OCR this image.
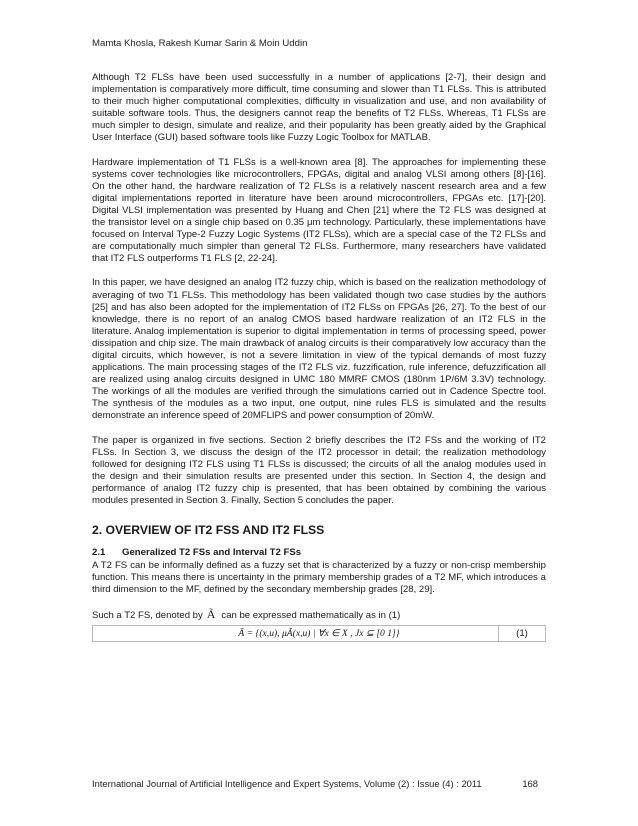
Mamta Khosla, Rakesh Kumar Sarin & Moin Uddin

Although T2 FLSs have been used successfully in a number of applications [2-7], their design and implementation is comparatively more difficult, time consuming and slower than T1 FLSs. This is attributed to their much higher computational complexities, difficulty in visualization and use, and non availability of suitable software tools. Thus, the designers cannot reap the benefits of T2 FLSs. Whereas, T1 FLSs are much simpler to design, simulate and realize, and their popularity has been greatly aided by the Graphical User Interface (GUI) based software tools like Fuzzy Logic Toolbox for MATLAB.

Hardware implementation of T1 FLSs is a well-known area [8]. The approaches for implementing these systems cover technologies like microcontrollers, FPGAs, digital and analog VLSI among others [8]-[16]. On the other hand, the hardware realization of T2 FLSs is a relatively nascent research area and a few digital implementations reported in literature have been around microcontrollers, FPGAs etc. [17]-[20]. Digital VLSI implementation was presented by Huang and Chen [21] where the T2 FLS was designed at the transistor level on a single chip based on 0.35 μm technology. Particularly, these implementations have focused on Interval Type-2 Fuzzy Logic Systems (IT2 FLSs), which are a special case of the T2 FLSs and are computationally much simpler than general T2 FLSs. Furthermore, many researchers have validated that IT2 FLS outperforms T1 FLS [2, 22-24].

In this paper, we have designed an analog IT2 fuzzy chip, which is based on the realization methodology of averaging of two T1 FLSs. This methodology has been validated though two case studies by the authors [25] and has also been adopted for the implementation of IT2 FLSs on FPGAs [26, 27]. To the best of our knowledge, there is no report of an analog CMOS based hardware realization of an IT2 FLS in the literature. Analog implementation is superior to digital implementation in terms of processing speed, power dissipation and chip size. The main drawback of analog circuits is their comparatively low accuracy than the digital circuits, which however, is not a severe limitation in view of the typical demands of most fuzzy applications. The main processing stages of the IT2 FLS viz. fuzzification, rule inference, defuzzification all are realized using analog circuits designed in UMC 180 MMRF CMOS (180nm 1P/6M 3.3V) technology. The workings of all the modules are verified through the simulations carried out in Cadence Spectre tool. The synthesis of the modules as a two input, one output, nine rules FLS is simulated and the results demonstrate an inference speed of 20MFLIPS and power consumption of 20mW.

The paper is organized in five sections. Section 2 briefly describes the IT2 FSs and the working of IT2 FLSs. In Section 3, we discuss the design of the IT2 processor in detail; the realization methodology followed for designing IT2 FLS using T1 FLSs is discussed; the circuits of all the analog modules used in the design and their simulation results are presented under this section. In Section 4, the design and performance of analog IT2 fuzzy chip is presented, that has been obtained by combining the various modules presented in Section 3. Finally, Section 5 concludes the paper.

2. OVERVIEW OF IT2 FSS AND IT2 FLSS
2.1 Generalized T2 FSs and Interval T2 FSs

A T2 FS can be informally defined as a fuzzy set that is characterized by a fuzzy or non-crisp membership function. This means there is uncertainty in the primary membership grades of a T2 MF, which introduces a third dimension to the MF, defined by the secondary membership grades [28, 29].

Such a T2 FS, denoted by Ã can be expressed mathematically as in (1)
Ã = {(x,u), μÃ(x,u) | ∀x ∈ X , Jx ⊆ [0 1]}	(1)
International Journal of Artificial Intelligence and Expert Systems, Volume (2) : Issue (4) : 2011	168
